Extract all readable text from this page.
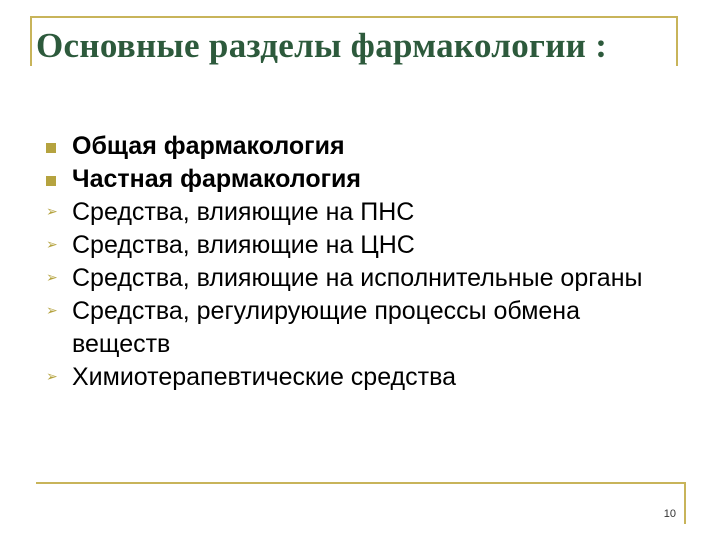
Основные разделы фармакологии :
Общая фармакология
Частная фармакология
➢ Средства, влияющие на ПНС
➢ Средства, влияющие на ЦНС
➢ Средства, влияющие на исполнительные органы
➢ Средства, регулирующие процессы обмена веществ
➢ Химиотерапевтические средства
10
